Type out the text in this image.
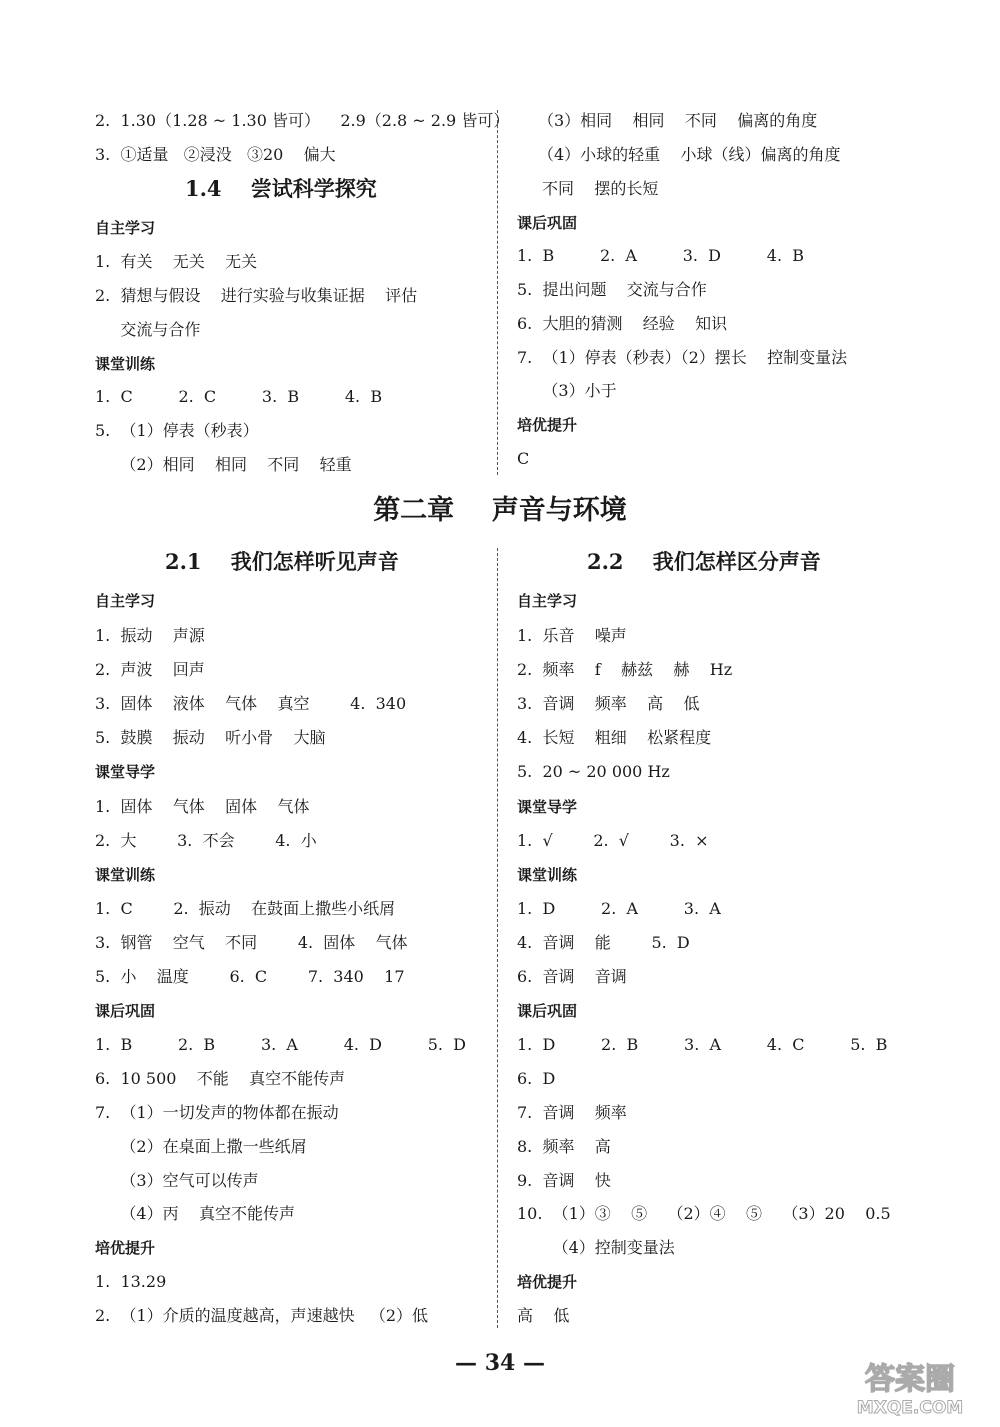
2.  1.30（1.28 ~ 1.30 皆可）    2.9（2.8 ~ 2.9 皆可）
3.  ①适量   ②浸没   ③20    偏大
1.4    尝试科学探究
自主学习
1.  有关    无关    无关
2.  猜想与假设    进行实验与收集证据    评估
交流与合作
课堂训练
1.  C         2.  C         3.  B         4.  B
5.  （1）停表（秒表）
（2）相同    相同    不同    轻重
（3）相同    相同    不同    偏离的角度
（4）小球的轻重    小球（线）偏离的角度
不同    摆的长短
课后巩固
1.  B         2.  A         3.  D         4.  B
5.  提出问题    交流与合作
6.  大胆的猜测    经验    知识
7.  （1）停表（秒表）（2）摆长    控制变量法
（3）小于
培优提升
C
第二章    声音与环境
2.1    我们怎样听见声音
自主学习
1.  振动    声源
2.  声波    回声
3.  固体    液体    气体    真空        4.  340
5.  鼓膜    振动    听小骨    大脑
课堂导学
1.  固体    气体    固体    气体
2.  大        3.  不会        4.  小
课堂训练
1.  C        2.  振动    在鼓面上撒些小纸屑
3.  钢管    空气    不同        4.  固体    气体
5.  小    温度        6.  C        7.  340    17
课后巩固
1.  B         2.  B         3.  A         4.  D         5.  D
6.  10 500    不能    真空不能传声
7.  （1）一切发声的物体都在振动
（2）在桌面上撒一些纸屑
（3）空气可以传声
（4）丙    真空不能传声
培优提升
1.  13.29
2.  （1）介质的温度越高，声速越快   （2）低
2.2    我们怎样区分声音
自主学习
1.  乐音    噪声
2.  频率    f    赫兹    赫    Hz
3.  音调    频率    高    低
4.  长短    粗细    松紧程度
5.  20 ~ 20 000 Hz
课堂导学
1.  √        2.  √        3.  ×
课堂训练
1.  D         2.  A         3.  A
4.  音调    能        5.  D
6.  音调    音调
课后巩固
1.  D         2.  B         3.  A         4.  C         5.  B
6.  D
7.  音调    频率
8.  频率    高
9.  音调    快
10.  （1）③    ⑤    （2）④    ⑤    （3）20    0.5
（4）控制变量法
培优提升
高    低
— 34 —	答案圈
MXQE.COM
